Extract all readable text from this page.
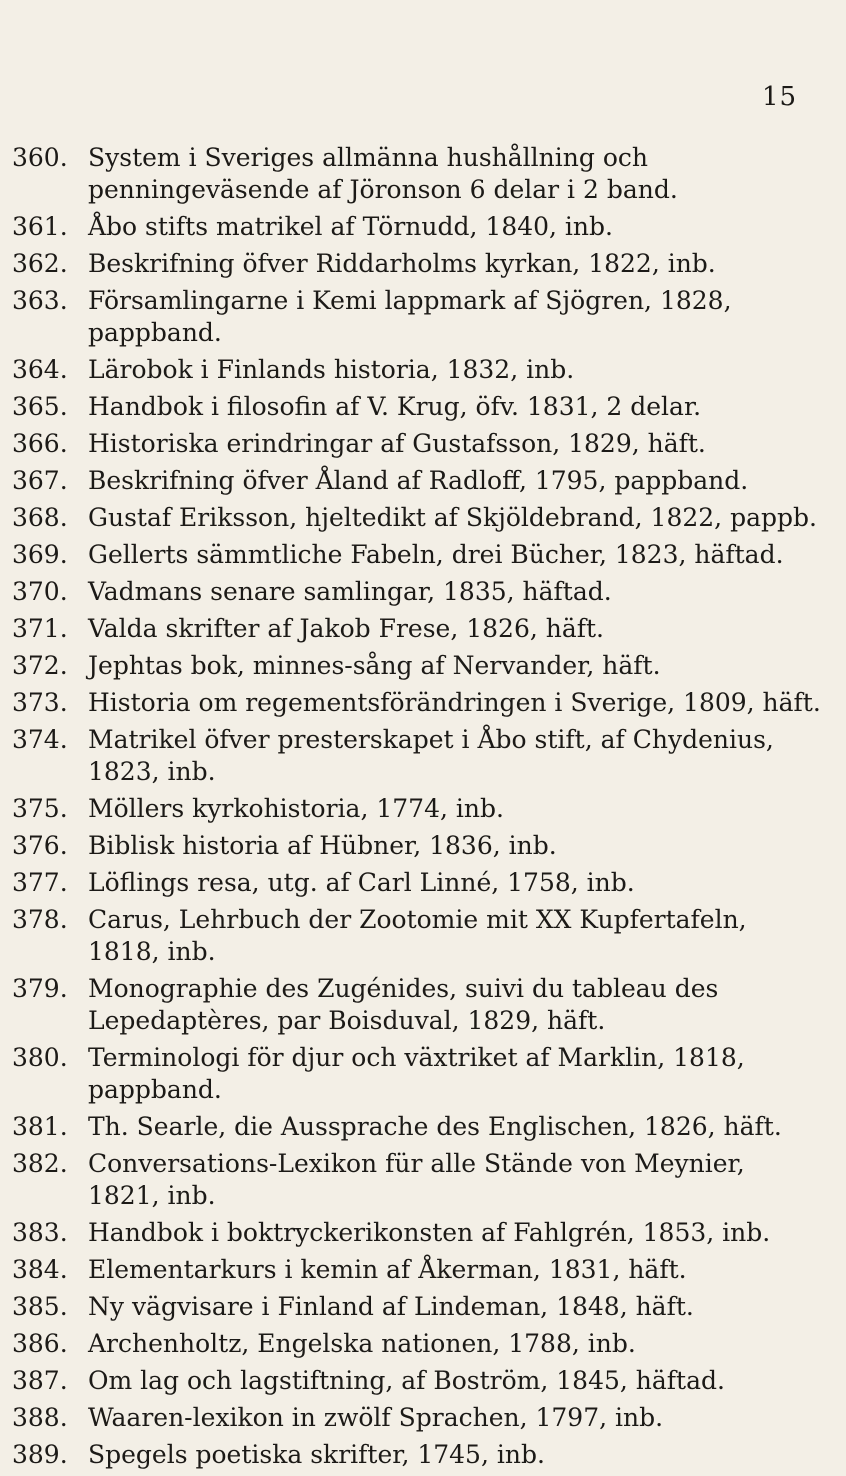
15
360. System i Sveriges allmänna hushållning och penningeväsende af Jöronson 6 delar i 2 band.
361. Åbo stifts matrikel af Törnudd, 1840, inb.
362. Beskrifning öfver Riddarholms kyrkan, 1822, inb.
363. Församlingarne i Kemi lappmark af Sjögren, 1828, pappband.
364. Lärobok i Finlands historia, 1832, inb.
365. Handbok i filosofin af V. Krug, öfv. 1831, 2 delar.
366. Historiska erindringar af Gustafsson, 1829, häft.
367. Beskrifning öfver Åland af Radloff, 1795, pappband.
368. Gustaf Eriksson, hjeltedikt af Skjöldebrand, 1822, pappb.
369. Gellerts sämmtliche Fabeln, drei Bücher, 1823, häftad.
370. Vadmans senare samlingar, 1835, häftad.
371. Valda skrifter af Jakob Frese, 1826, häft.
372. Jephtas bok, minnes-sång af Nervander, häft.
373. Historia om regementsförändringen i Sverige, 1809, häft.
374. Matrikel öfver presterskapet i Åbo stift, af Chydenius, 1823, inb.
375. Möllers kyrkohistoria, 1774, inb.
376. Biblisk historia af Hübner, 1836, inb.
377. Löflings resa, utg. af Carl Linné, 1758, inb.
378. Carus, Lehrbuch der Zootomie mit XX Kupfertafeln, 1818, inb.
379. Monographie des Zugénides, suivi du tableau des Lepedaptères, par Boisduval, 1829, häft.
380. Terminologi för djur och växtriket af Marklin, 1818, pappband.
381. Th. Searle, die Aussprache des Englischen, 1826, häft.
382. Conversations-Lexikon für alle Stände von Meynier, 1821, inb.
383. Handbok i boktryckerikonsten af Fahlgrén, 1853, inb.
384. Elementarkurs i kemin af Åkerman, 1831, häft.
385. Ny vägvisare i Finland af Lindeman, 1848, häft.
386. Archenholtz, Engelska nationen, 1788, inb.
387. Om lag och lagstiftning, af Boström, 1845, häftad.
388. Waaren-lexikon in zwölf Sprachen, 1797, inb.
389. Spegels poetiska skrifter, 1745, inb.
